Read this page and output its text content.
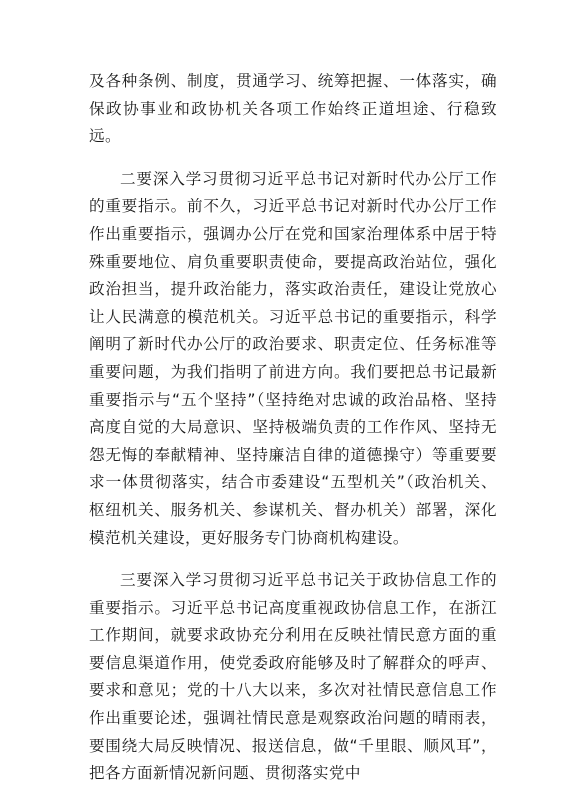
及各种条例、制度，贯通学习、统筹把握、一体落实，确保政协事业和政协机关各项工作始终正道坦途、行稳致远。

二要深入学习贯彻习近平总书记对新时代办公厅工作的重要指示。前不久，习近平总书记对新时代办公厅工作作出重要指示，强调办公厅在党和国家治理体系中居于特殊重要地位、肩负重要职责使命，要提高政治站位，强化政治担当，提升政治能力，落实政治责任，建设让党放心让人民满意的模范机关。习近平总书记的重要指示，科学阐明了新时代办公厅的政治要求、职责定位、任务标准等重要问题，为我们指明了前进方向。我们要把总书记最新重要指示与“五个坚持”（坚持绝对忠诚的政治品格、坚持高度自觉的大局意识、坚持极端负责的工作作风、坚持无怨无悔的奉献精神、坚持廉洁自律的道德操守）等重要要求一体贯彻落实，结合市委建设“五型机关”（政治机关、枢纽机关、服务机关、参谋机关、督办机关）部署，深化模范机关建设，更好服务专门协商机构建设。

三要深入学习贯彻习近平总书记关于政协信息工作的重要指示。习近平总书记高度重视政协信息工作，在浙江工作期间，就要求政协充分利用在反映社情民意方面的重要信息渠道作用，使党委政府能够及时了解群众的呼声、要求和意见；党的十八大以来，多次对社情民意信息工作作出重要论述，强调社情民意是观察政治问题的晴雨表，要围绕大局反映情况、报送信息，做“千里眼、顺风耳”，把各方面新情况新问题、贯彻落实党中
